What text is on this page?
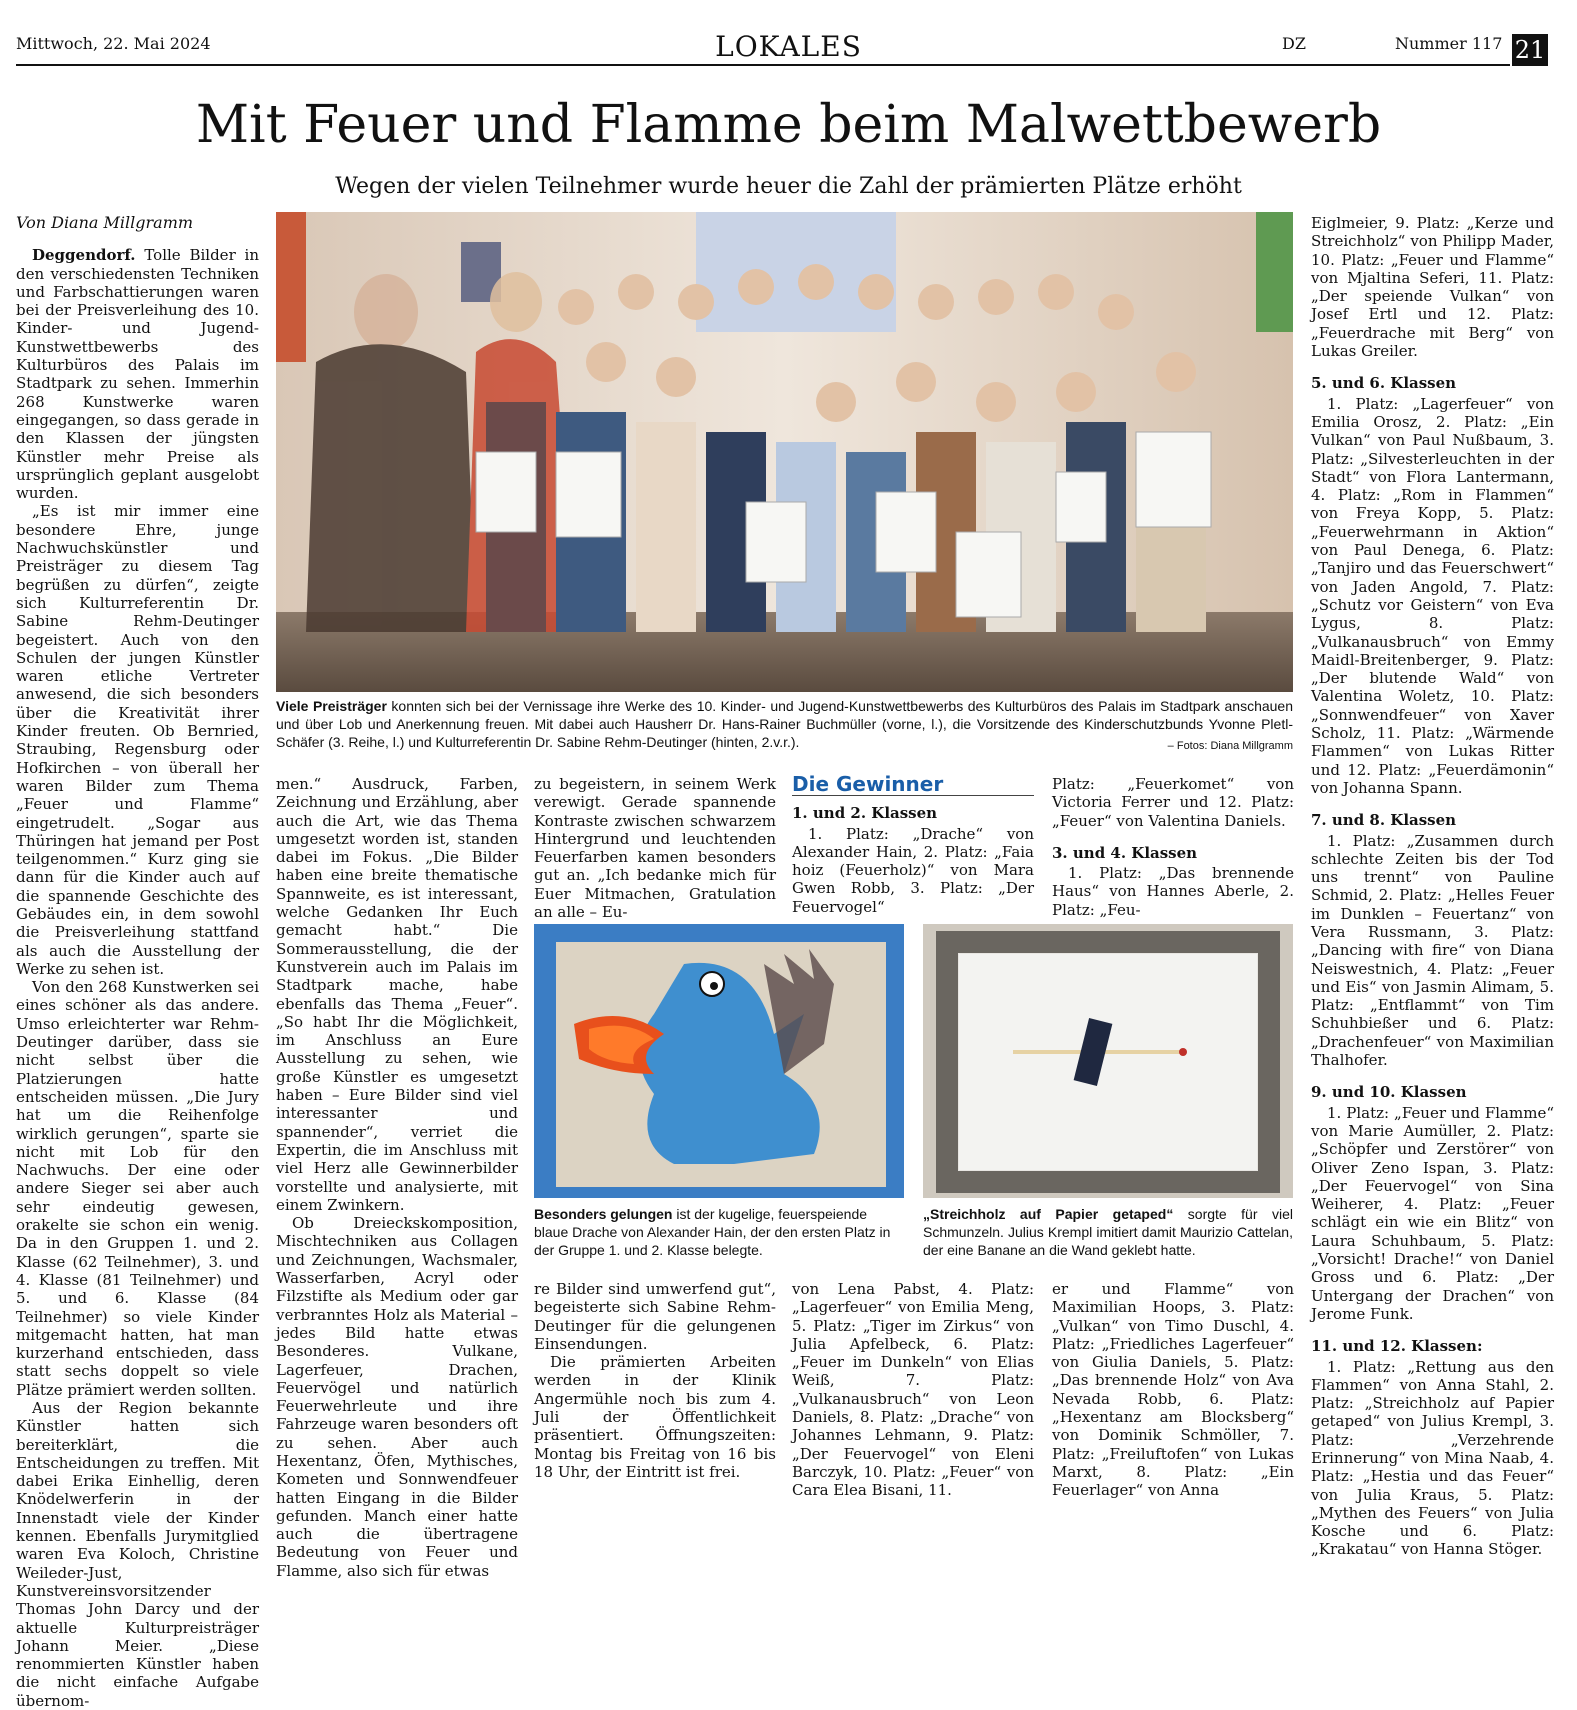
Mittwoch, 22. Mai 2024	LOKALES	DZ	Nummer 117 21
Mit Feuer und Flamme beim Malwettbewerb
Wegen der vielen Teilnehmer wurde heuer die Zahl der prämierten Plätze erhöht
Von Diana Millgramm

Deggendorf. Tolle Bilder in den verschiedensten Techniken und Farbschattierungen waren bei der Preisverleihung des 10. Kinder- und Jugend-Kunstwettbewerbs des Kulturbüros des Palais im Stadtpark zu sehen. Immerhin 268 Kunstwerke waren eingegangen, so dass gerade in den Klassen der jüngsten Künstler mehr Preise als ursprünglich geplant ausgelobt wurden.

„Es ist mir immer eine besondere Ehre, junge Nachwuchskünstler und Preisträger zu diesem Tag begrüßen zu dürfen“, zeigte sich Kulturreferentin Dr. Sabine Rehm-Deutinger begeistert. Auch von den Schulen der jungen Künstler waren etliche Vertreter anwesend, die sich besonders über die Kreativität ihrer Kinder freuten. Ob Bernried, Straubing, Regensburg oder Hofkirchen – von überall her waren Bilder zum Thema „Feuer und Flamme“ eingetrudelt. „Sogar aus Thüringen hat jemand per Post teilgenommen.“ Kurz ging sie dann für die Kinder auch auf die spannende Geschichte des Gebäudes ein, in dem sowohl die Preisverleihung stattfand als auch die Ausstellung der Werke zu sehen ist.

Von den 268 Kunstwerken sei eines schöner als das andere. Umso erleichterter war Rehm-Deutinger darüber, dass sie nicht selbst über die Platzierungen hatte entscheiden müssen. „Die Jury hat um die Reihenfolge wirklich gerungen“, sparte sie nicht mit Lob für den Nachwuchs. Der eine oder andere Sieger sei aber auch sehr eindeutig gewesen, orakelte sie schon ein wenig. Da in den Gruppen 1. und 2. Klasse (62 Teilnehmer), 3. und 4. Klasse (81 Teilnehmer) und 5. und 6. Klasse (84 Teilnehmer) so viele Kinder mitgemacht hatten, hat man kurzerhand entschieden, dass statt sechs doppelt so viele Plätze prämiert werden sollten.

Aus der Region bekannte Künstler hatten sich bereiterklärt, die Entscheidungen zu treffen. Mit dabei Erika Einhellig, deren Knödelwerferin in der Innenstadt viele der Kinder kennen. Ebenfalls Jurymitglied waren Eva Koloch, Christine Weileder-Just, Kunstvereinsvorsitzender Thomas John Darcy und der aktuelle Kulturpreisträger Johann Meier. „Diese renommierten Künstler haben die nicht einfache Aufgabe übernom-

Viele Preisträger konnten sich bei der Vernissage ihre Werke des 10. Kinder- und Jugend-Kunstwettbewerbs des Kulturbüros des Palais im Stadtpark anschauen und über Lob und Anerkennung freuen. Mit dabei auch Hausherr Dr. Hans-Rainer Buchmüller (vorne, l.), die Vorsitzende des Kinderschutzbunds Yvonne Pletl-Schäfer (3. Reihe, l.) und Kulturreferentin Dr. Sabine Rehm-Deutinger (hinten, 2.v.r.).	– Fotos: Diana Millgramm

men.“ Ausdruck, Farben, Zeichnung und Erzählung, aber auch die Art, wie das Thema umgesetzt worden ist, standen dabei im Fokus. „Die Bilder haben eine breite thematische Spannweite, es ist interessant, welche Gedanken Ihr Euch gemacht habt.“ Die Sommerausstellung, die der Kunstverein auch im Palais im Stadtpark mache, habe ebenfalls das Thema „Feuer“. „So habt Ihr die Möglichkeit, im Anschluss an Eure Ausstellung zu sehen, wie große Künstler es umgesetzt haben – Eure Bilder sind viel interessanter und spannender“, verriet die Expertin, die im Anschluss mit viel Herz alle Gewinnerbilder vorstellte und analysierte, mit einem Zwinkern.

Ob Dreieckskomposition, Mischtechniken aus Collagen und Zeichnungen, Wachsmaler, Wasserfarben, Acryl oder Filzstifte als Medium oder gar verbranntes Holz als Material – jedes Bild hatte etwas Besonderes. Vulkane, Lagerfeuer, Drachen, Feuervögel und natürlich Feuerwehrleute und ihre Fahrzeuge waren besonders oft zu sehen. Aber auch Hexentanz, Öfen, Mythisches, Kometen und Sonnwendfeuer hatten Eingang in die Bilder gefunden. Manch einer hatte auch die übertragene Bedeutung von Feuer und Flamme, also sich für etwas

zu begeistern, in seinem Werk verewigt. Gerade spannende Kontraste zwischen schwarzem Hintergrund und leuchtenden Feuerfarben kamen besonders gut an. „Ich bedanke mich für Euer Mitmachen, Gratulation an alle – Eu-

Die Gewinner
1. und 2. Klassen

1. Platz: „Drache“ von Alexander Hain, 2. Platz: „Faia hoiz (Feuerholz)“ von Mara Gwen Robb, 3. Platz: „Der Feuervogel“

Platz: „Feuerkomet“ von Victoria Ferrer und 12. Platz: „Feuer“ von Valentina Daniels.

3. und 4. Klassen

1. Platz: „Das brennende Haus“ von Hannes Aberle, 2. Platz: „Feu-

Besonders gelungen ist der kugelige, feuerspeiende blaue Drache von Alexander Hain, der den ersten Platz in der Gruppe 1. und 2. Klasse belegte.
„Streichholz auf Papier getaped“ sorgte für viel Schmunzeln. Julius Krempl imitiert damit Maurizio Cattelan, der eine Banane an die Wand geklebt hatte.

re Bilder sind umwerfend gut“, begeisterte sich Sabine Rehm-Deutinger für die gelungenen Einsendungen.

Die prämierten Arbeiten werden in der Klinik Angermühle noch bis zum 4. Juli der Öffentlichkeit präsentiert. Öffnungszeiten: Montag bis Freitag von 16 bis 18 Uhr, der Eintritt ist frei.

von Lena Pabst, 4. Platz: „Lagerfeuer“ von Emilia Meng, 5. Platz: „Tiger im Zirkus“ von Julia Apfelbeck, 6. Platz: „Feuer im Dunkeln“ von Elias Weiß, 7. Platz: „Vulkanausbruch“ von Leon Daniels, 8. Platz: „Drache“ von Johannes Lehmann, 9. Platz: „Der Feuervogel“ von Eleni Barczyk, 10. Platz: „Feuer“ von Cara Elea Bisani, 11.

er und Flamme“ von Maximilian Hoops, 3. Platz: „Vulkan“ von Timo Duschl, 4. Platz: „Friedliches Lagerfeuer“ von Giulia Daniels, 5. Platz: „Das brennende Holz“ von Ava Nevada Robb, 6. Platz: „Hexentanz am Blocksberg“ von Dominik Schmöller, 7. Platz: „Freiluftofen“ von Lukas Marxt, 8. Platz: „Ein Feuerlager“ von Anna

Eiglmeier, 9. Platz: „Kerze und Streichholz“ von Philipp Mader, 10. Platz: „Feuer und Flamme“ von Mjaltina Seferi, 11. Platz: „Der speiende Vulkan“ von Josef Ertl und 12. Platz: „Feuerdrache mit Berg“ von Lukas Greiler.

5. und 6. Klassen

1. Platz: „Lagerfeuer“ von Emilia Orosz, 2. Platz: „Ein Vulkan“ von Paul Nußbaum, 3. Platz: „Silvesterleuchten in der Stadt“ von Flora Lantermann, 4. Platz: „Rom in Flammen“ von Freya Kopp, 5. Platz: „Feuerwehrmann in Aktion“ von Paul Denega, 6. Platz: „Tanjiro und das Feuerschwert“ von Jaden Angold, 7. Platz: „Schutz vor Geistern“ von Eva Lygus, 8. Platz: „Vulkanausbruch“ von Emmy Maidl-Breitenberger, 9. Platz: „Der blutende Wald“ von Valentina Woletz, 10. Platz: „Sonnwendfeuer“ von Xaver Scholz, 11. Platz: „Wärmende Flammen“ von Lukas Ritter und 12. Platz: „Feuerdämonin“ von Johanna Spann.

7. und 8. Klassen

1. Platz: „Zusammen durch schlechte Zeiten bis der Tod uns trennt“ von Pauline Schmid, 2. Platz: „Helles Feuer im Dunklen – Feuertanz“ von Vera Russmann, 3. Platz: „Dancing with fire“ von Diana Neiswestnich, 4. Platz: „Feuer und Eis“ von Jasmin Alimam, 5. Platz: „Entflammt“ von Tim Schuhbießer und 6. Platz: „Drachenfeuer“ von Maximilian Thalhofer.

9. und 10. Klassen

1. Platz: „Feuer und Flamme“ von Marie Aumüller, 2. Platz: „Schöpfer und Zerstörer“ von Oliver Zeno Ispan, 3. Platz: „Der Feuervogel“ von Sina Weiherer, 4. Platz: „Feuer schlägt ein wie ein Blitz“ von Laura Schuhbaum, 5. Platz: „Vorsicht! Drache!“ von Daniel Gross und 6. Platz: „Der Untergang der Drachen“ von Jerome Funk.

11. und 12. Klassen:

1. Platz: „Rettung aus den Flammen“ von Anna Stahl, 2. Platz: „Streichholz auf Papier getaped“ von Julius Krempl, 3. Platz: „Verzehrende Erinnerung“ von Mina Naab, 4. Platz: „Hestia und das Feuer“ von Julia Kraus, 5. Platz: „Mythen des Feuers“ von Julia Kosche und 6. Platz: „Krakatau“ von Hanna Stöger.
